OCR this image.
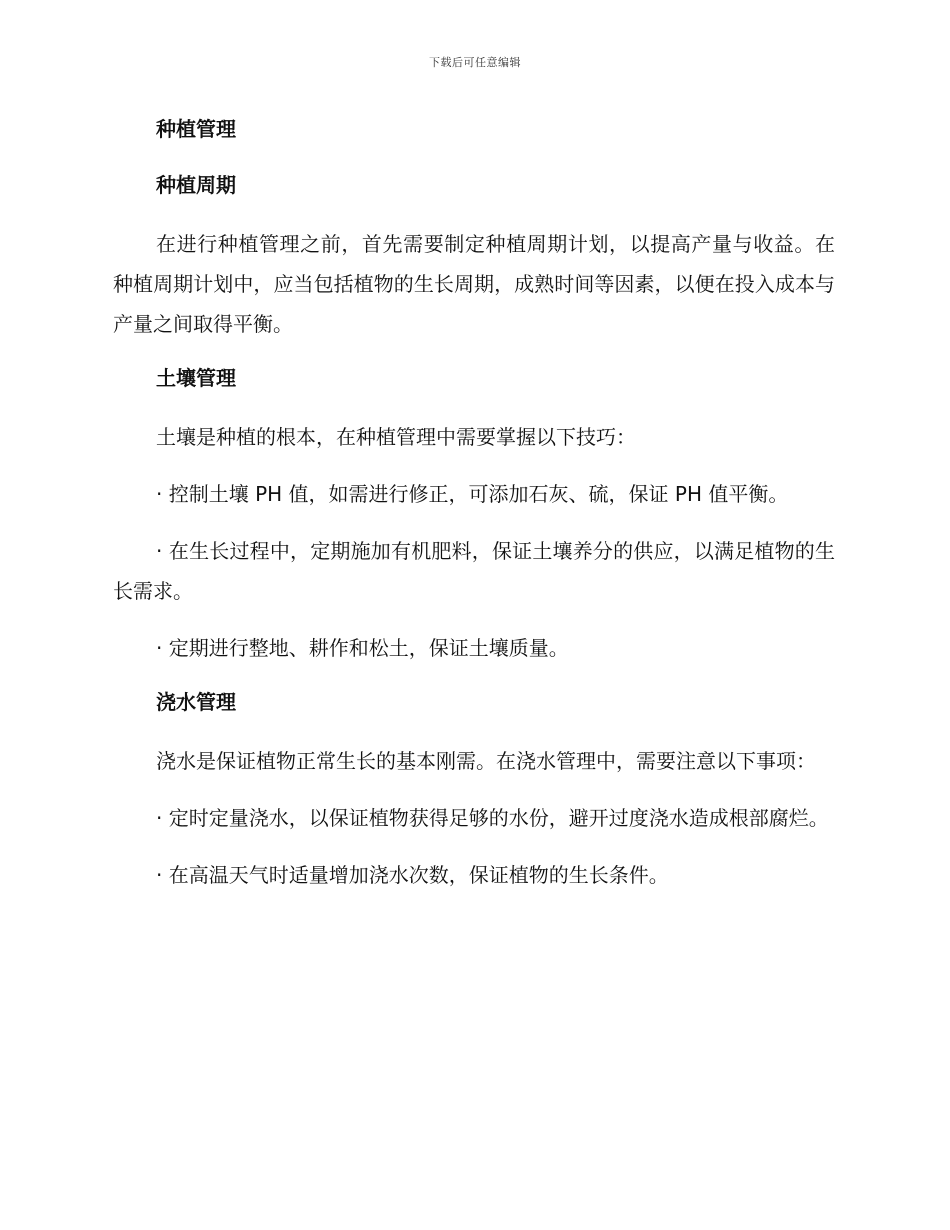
下载后可任意编辑
种植管理
种植周期

在进行种植管理之前，首先需要制定种植周期计划，以提高产量与收益。在种植周期计划中，应当包括植物的生长周期，成熟时间等因素，以便在投入成本与产量之间取得平衡。

土壤管理

土壤是种植的根本，在种植管理中需要掌握以下技巧：

· 控制土壤 PH 值，如需进行修正，可添加石灰、硫，保证 PH 值平衡。

· 在生长过程中，定期施加有机肥料，保证土壤养分的供应，以满足植物的生长需求。

· 定期进行整地、耕作和松土，保证土壤质量。

浇水管理

浇水是保证植物正常生长的基本刚需。在浇水管理中，需要注意以下事项：

· 定时定量浇水，以保证植物获得足够的水份，避开过度浇水造成根部腐烂。

· 在高温天气时适量增加浇水次数，保证植物的生长条件。
